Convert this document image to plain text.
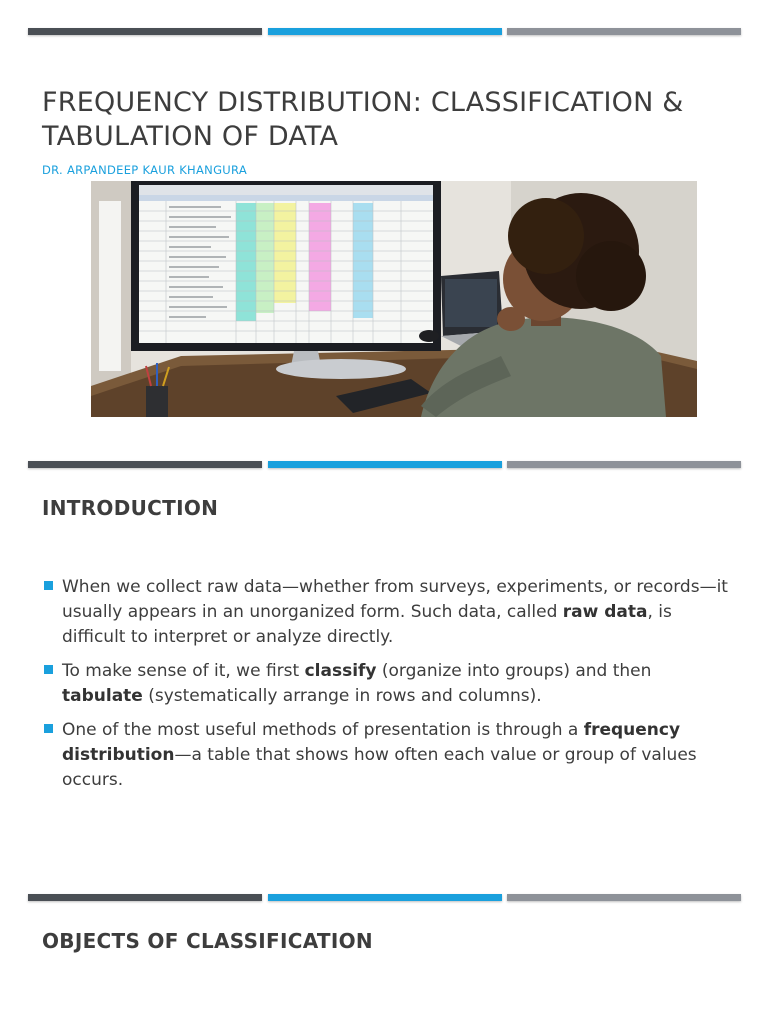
FREQUENCY DISTRIBUTION: CLASSIFICATION & TABULATION OF DATA

DR. ARPANDEEP KAUR KHANGURA

INTRODUCTION
When we collect raw data—whether from surveys, experiments, or records—it usually appears in an unorganized form. Such data, called raw data, is difficult to interpret or analyze directly.
To make sense of it, we first classify (organize into groups) and then tabulate (systematically arrange in rows and columns).
One of the most useful methods of presentation is through a frequency distribution—a table that shows how often each value or group of values occurs.
OBJECTS OF CLASSIFICATION
